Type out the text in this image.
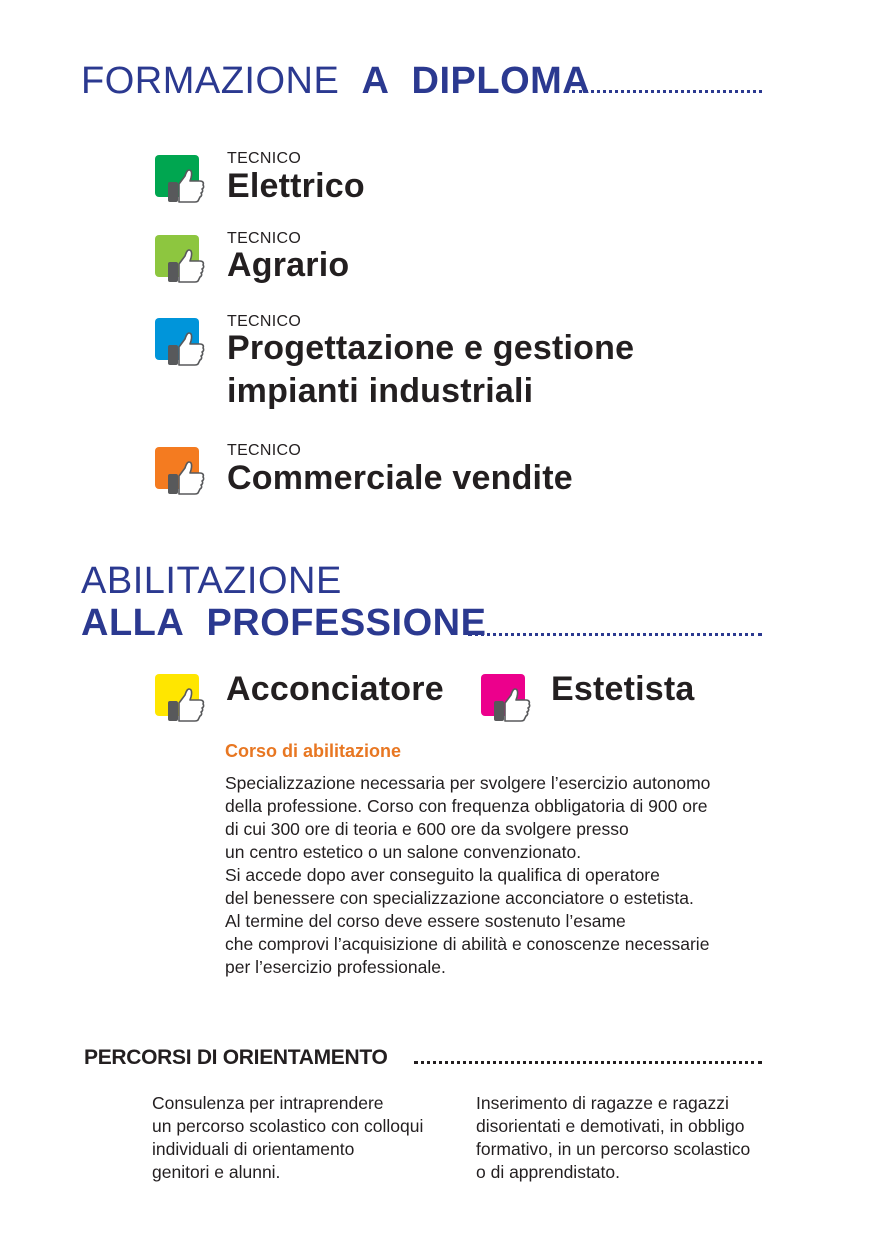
FORMAZIONE A DIPLOMA
TECNICO
Elettrico
TECNICO
Agrario
TECNICO
Progettazione e gestione
impianti industriali
TECNICO
Commerciale vendite
ABILITAZIONE
ALLA PROFESSIONE
Acconciatore	Estetista
Corso di abilitazione
Specializzazione necessaria per svolgere l’esercizio autonomo
della professione. Corso con frequenza obbligatoria di 900 ore
di cui 300 ore di teoria e 600 ore da svolgere presso
un centro estetico o un salone convenzionato.
Si accede dopo aver conseguito la qualifica di operatore
del benessere con specializzazione acconciatore o estetista.
Al termine del corso deve essere sostenuto l’esame
che comprovi l’acquisizione di abilità e conoscenze necessarie
per l’esercizio professionale.
PERCORSI DI ORIENTAMENTO
Consulenza per intraprendere
un percorso scolastico con colloqui
individuali di orientamento
genitori e alunni.
Inserimento di ragazze e ragazzi
disorientati e demotivati, in obbligo
formativo, in un percorso scolastico
o di apprendistato.
